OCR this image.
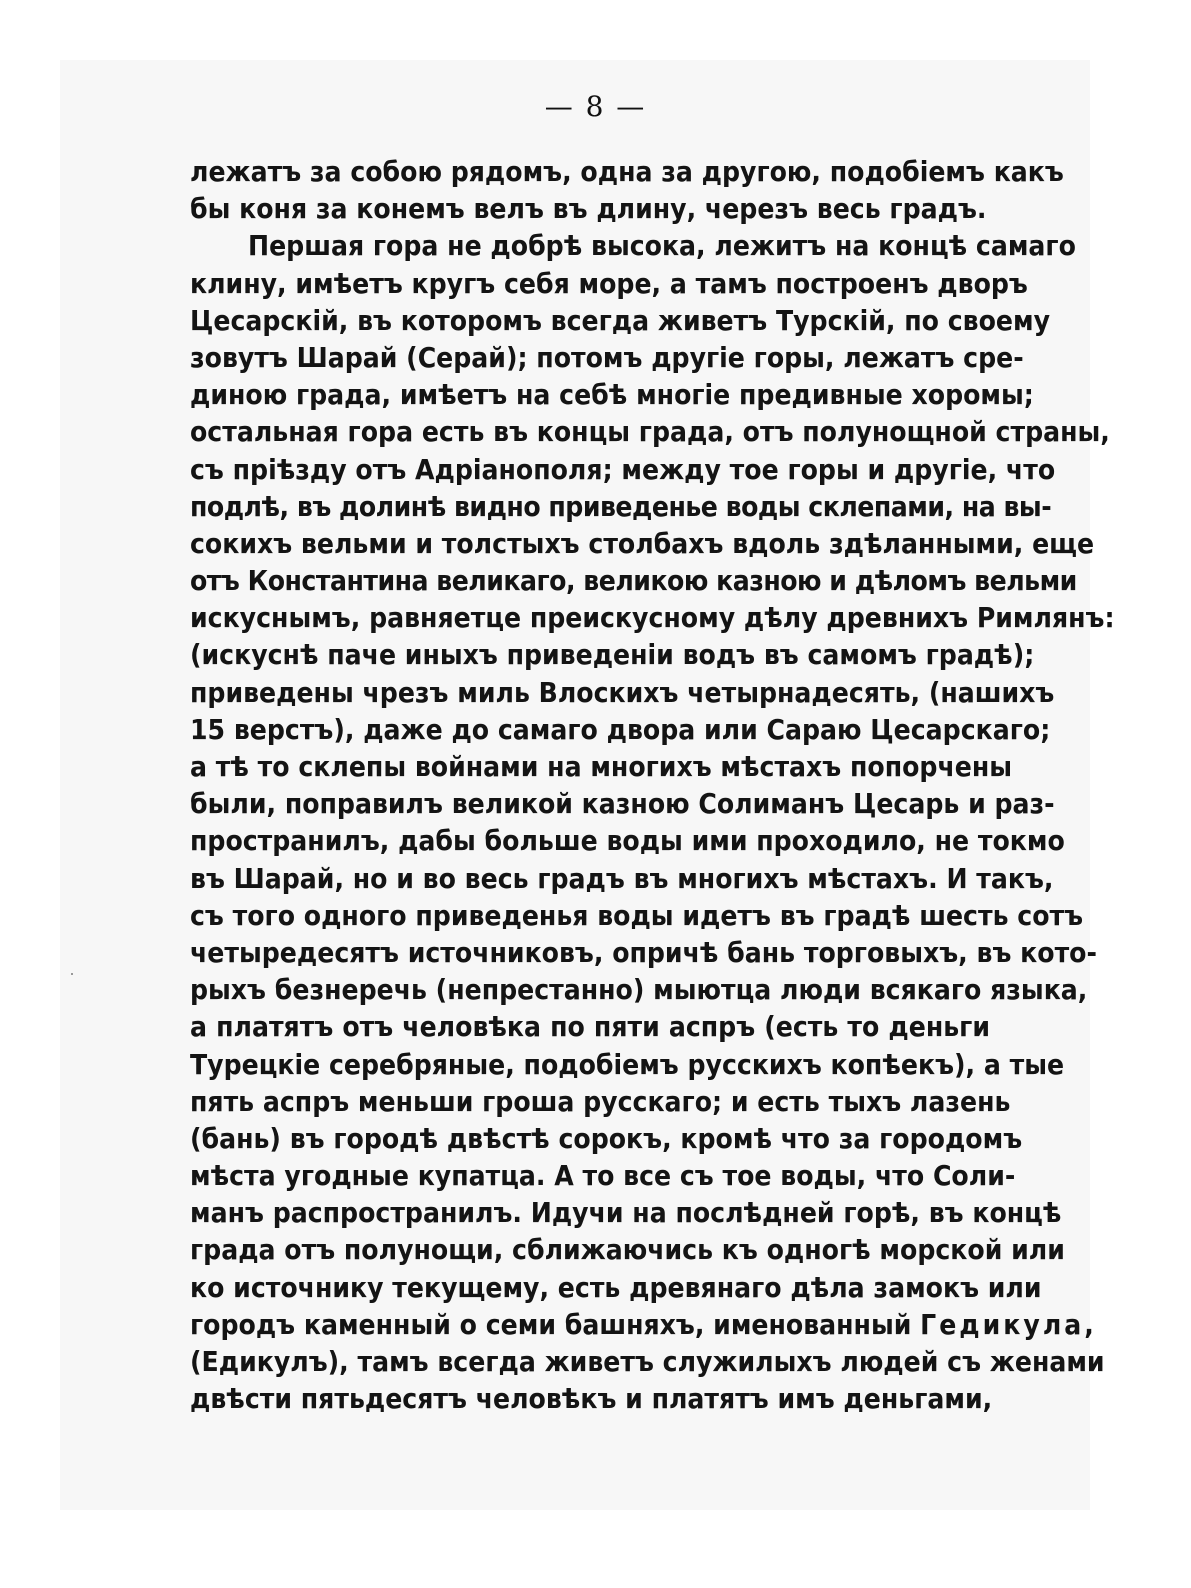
— 8 —
лежатъ за собою рядомъ, одна за другою, подобіемъ какъ
бы коня за конемъ велъ въ длину, черезъ весь градъ.
Першая гора не добрѣ высока, лежитъ на концѣ самаго
клину, имѣетъ кругъ себя море, а тамъ построенъ дворъ
Цесарскій, въ которомъ всегда живетъ Турскій, по своему
зовутъ Шарай (Серай); потомъ другіе горы, лежатъ сре-
диною града, имѣетъ на себѣ многіе предивные хоромы;
остальная гора есть въ концы града, отъ полунощной страны,
съ пріѣзду отъ Адріанополя; между тое горы и другіе, что
подлѣ, въ долинѣ видно приведенье воды склепами, на вы-
сокихъ вельми и толстыхъ столбахъ вдоль здѣланными, еще
отъ Константина великаго, великою казною и дѣломъ вельми
искуснымъ, равняетце преискусному дѣлу древнихъ Римлянъ:
(искуснѣ паче иныхъ приведеніи водъ въ самомъ градѣ);
приведены чрезъ миль Влоскихъ четырнадесять, (нашихъ
15 верстъ), даже до самаго двора или Сараю Цесарскаго;
а тѣ то склепы войнами на многихъ мѣстахъ попорчены
были, поправилъ великой казною Солиманъ Цесарь и раз-
пространилъ, дабы больше воды ими проходило, не токмо
въ Шарай, но и во весь градъ въ многихъ мѣстахъ. И такъ,
съ того одного приведенья воды идетъ въ градѣ шесть сотъ
четыредесятъ источниковъ, опричѣ бань торговыхъ, въ кото-
рыхъ безнеречь (непрестанно) мыютца люди всякаго языка,
а платятъ отъ человѣка по пяти аспръ (есть то деньги
Турецкіе серебряные, подобіемъ русскихъ копѣекъ), а тые
пять аспръ меньши гроша русскаго; и есть тыхъ лазень
(бань) въ городѣ двѣстѣ сорокъ, кромѣ что за городомъ
мѣста угодные купатца. А то все съ тое воды, что Соли-
манъ распространилъ. Идучи на послѣдней горѣ, въ концѣ
града отъ полунощи, сближаючись къ одногѣ морской или
ко источнику текущему, есть древянаго дѣла замокъ или
городъ каменный о семи башняхъ, именованный Гедикула,
(Едикулъ), тамъ всегда живетъ служилыхъ людей съ женами
двѣсти пятьдесятъ человѣкъ и платятъ имъ деньгами,
